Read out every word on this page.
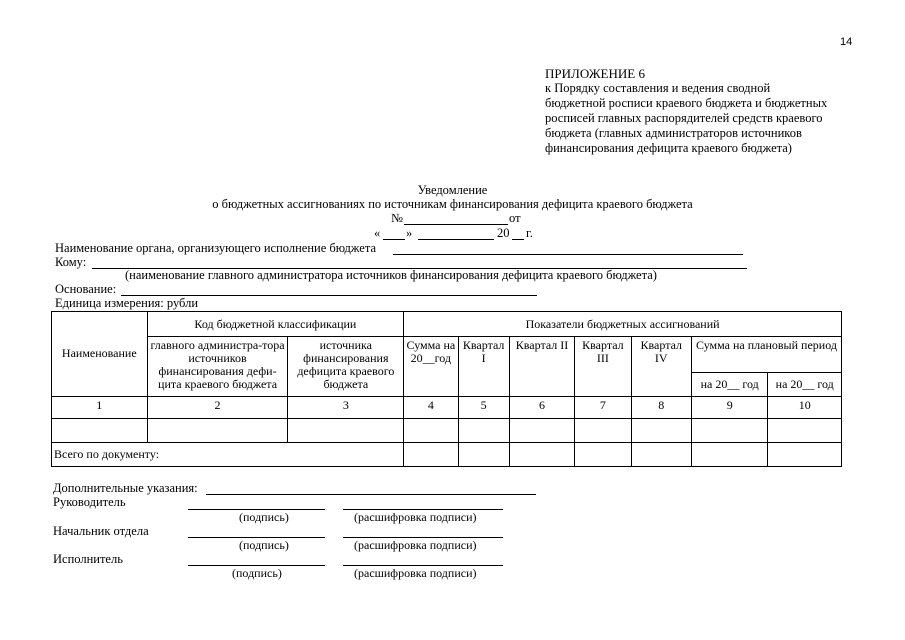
14
ПРИЛОЖЕНИЕ 6
к Порядку составления и ведения сводной
бюджетной росписи краевого бюджета и бюджетных
росписей главных распорядителей средств краевого
бюджета (главных администраторов источников
финансирования дефицита краевого бюджета)
Уведомление
о бюджетных ассигнованиях по источникам финансирования дефицита краевого бюджета
№	от
« »	20 г.
Наименование органа, организующего исполнение бюджета
Кому:
(наименование главного администратора источников финансирования дефицита краевого бюджета)
Основание:
Единица измерения: рубли
Наименование	Код бюджетной классификации		Показатели бюджетных ассигнований						
	главного администра-тора источников финансирования дефи-цита краевого бюджета	источника финансирования дефицита краевого бюджета	Сумма на 20__год	Квартал I	Квартал II	Квартал III	Квартал IV	Сумма на плановый период	
								на 20__ год	на 20__ год
1	2	3	4	5	6	7	8	9	10

Всего по документу:									
Дополнительные указания:
Руководитель
(подпись)	(расшифровка подписи)
Начальник отдела
(подпись)	(расшифровка подписи)
Исполнитель
(подпись)	(расшифровка подписи)
